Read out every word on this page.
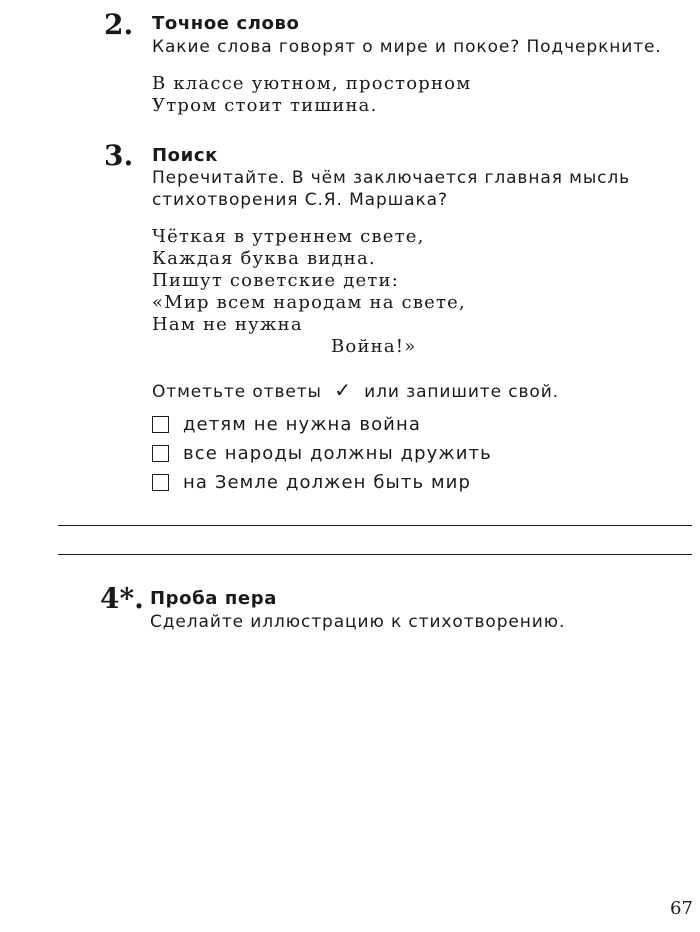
2. Точное слово
Какие слова говорят о мире и покое? Подчеркните.
В классе уютном, просторном
Утром стоит тишина.
3. Поиск
Перечитайте. В чём заключается главная мысль
стихотворения С.Я. Маршака?
Чёткая в утреннем свете,
Каждая буква видна.
Пишут советские дети:
«Мир всем народам на свете,
Нам не нужна
Война!»
Отметьте ответы ✓ или запишите свой.
детям не нужна война
все народы должны дружить
на Земле должен быть мир
4*. Проба пера
Сделайте иллюстрацию к стихотворению.
67
